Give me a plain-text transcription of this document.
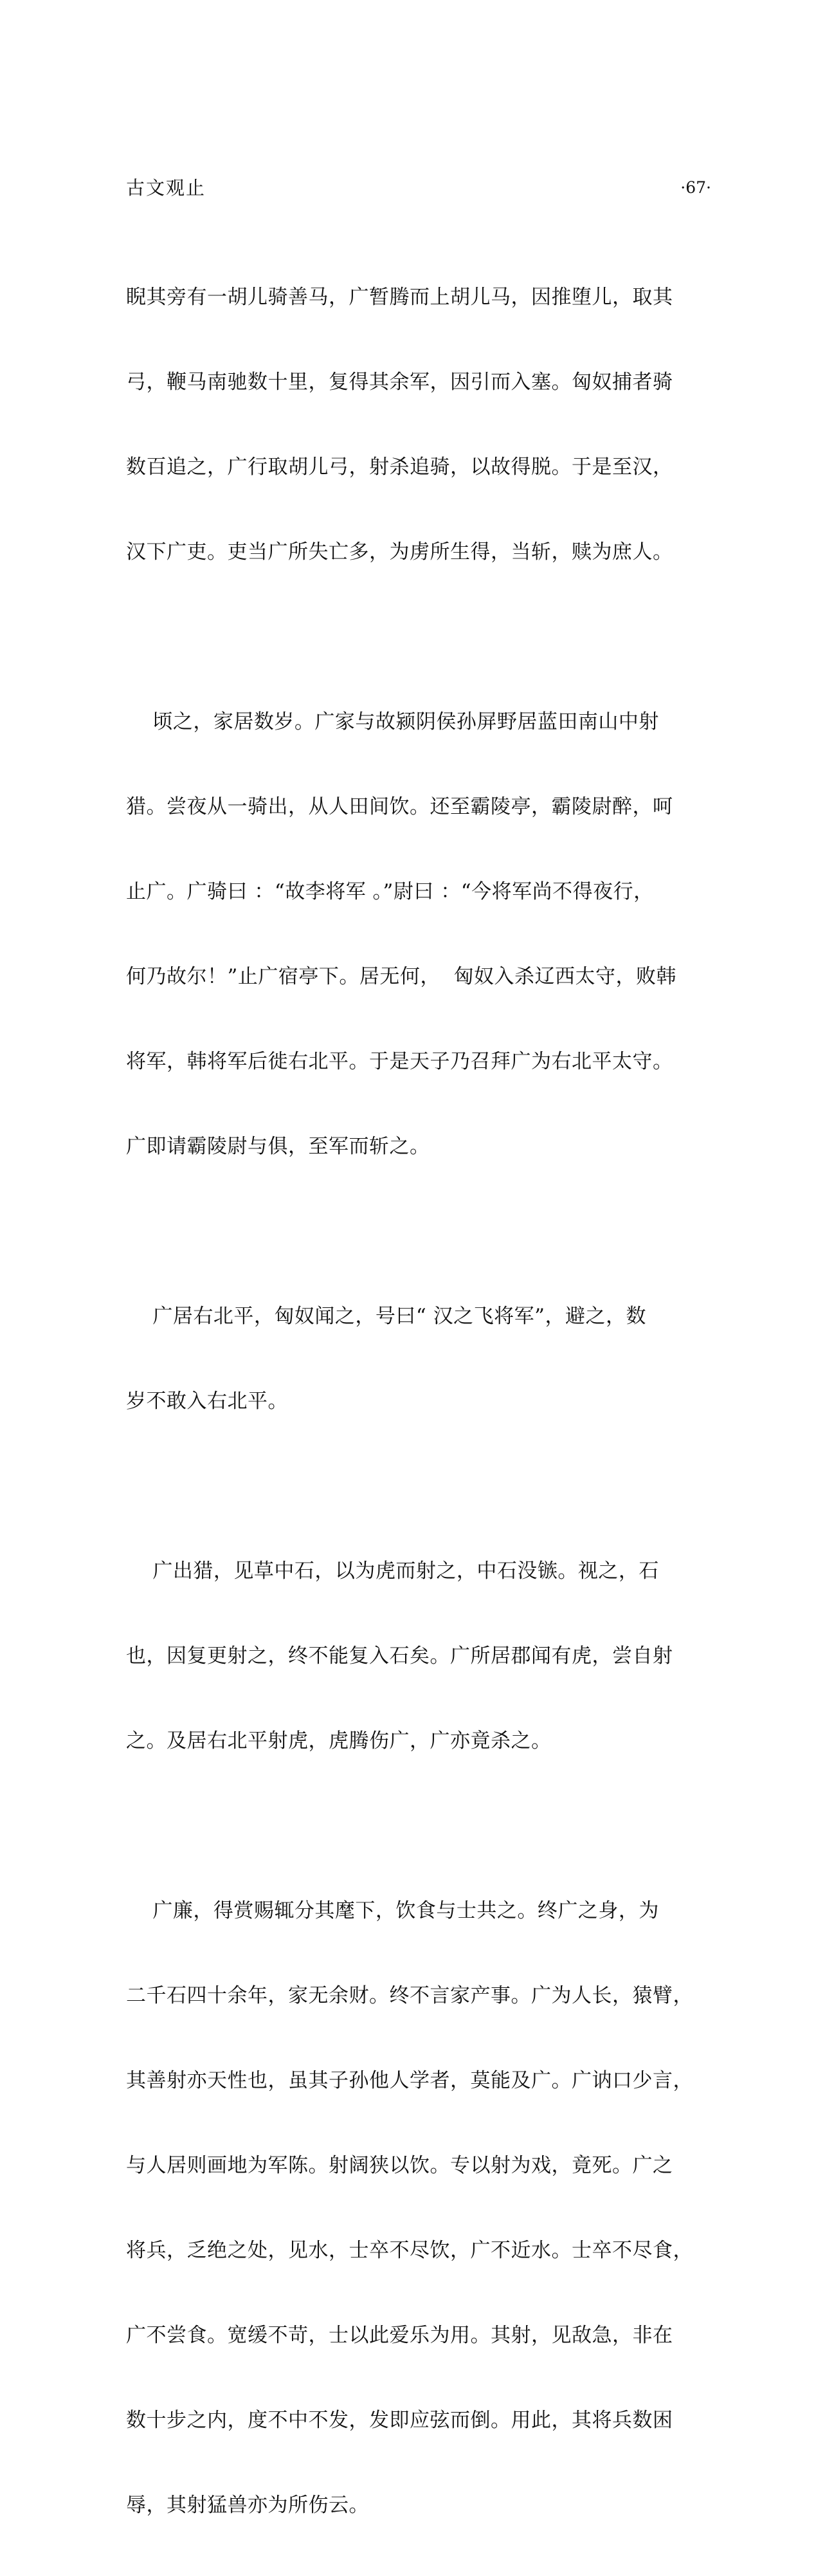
古文观止	·67·

睨其旁有一胡儿骑善马，广暂腾而上胡儿马，因推堕儿，取其

弓，鞭马南驰数十里，复得其余军，因引而入塞。匈奴捕者骑

数百追之，广行取胡儿弓，射杀追骑，以故得脱。于是至汉，

汉下广吏。吏当广所失亡多，为虏所生得，当斩，赎为庶人。

顷之，家居数岁。广家与故颍阴侯孙屏野居蓝田南山中射

猎。尝夜从一骑出，从人田间饮。还至霸陵亭，霸陵尉醉，呵

止广。广骑曰 ：“故李将军 。”尉曰 ：“今将军尚不得夜行，

何乃故尔！”止广宿亭下。居无何，  匈奴入杀辽西太守，败韩

将军，韩将军后徙右北平。于是天子乃召拜广为右北平太守。

广即请霸陵尉与俱，至军而斩之。

广居右北平，匈奴闻之，号曰“ 汉之飞将军”，避之，数

岁不敢入右北平。

广出猎，见草中石，以为虎而射之，中石没镞。视之，石

也，因复更射之，终不能复入石矣。广所居郡闻有虎，尝自射

之。及居右北平射虎，虎腾伤广，广亦竟杀之。

广廉，得赏赐辄分其麾下，饮食与士共之。终广之身，为

二千石四十余年，家无余财。终不言家产事。广为人长，猿臂，

其善射亦天性也，虽其子孙他人学者，莫能及广。广讷口少言，

与人居则画地为军陈。射阔狭以饮。专以射为戏，竟死。广之

将兵，乏绝之处，见水，士卒不尽饮，广不近水。士卒不尽食，

广不尝食。宽缓不苛，士以此爱乐为用。其射，见敌急，非在

数十步之内，度不中不发，发即应弦而倒。用此，其将兵数困

辱，其射猛兽亦为所伤云。
